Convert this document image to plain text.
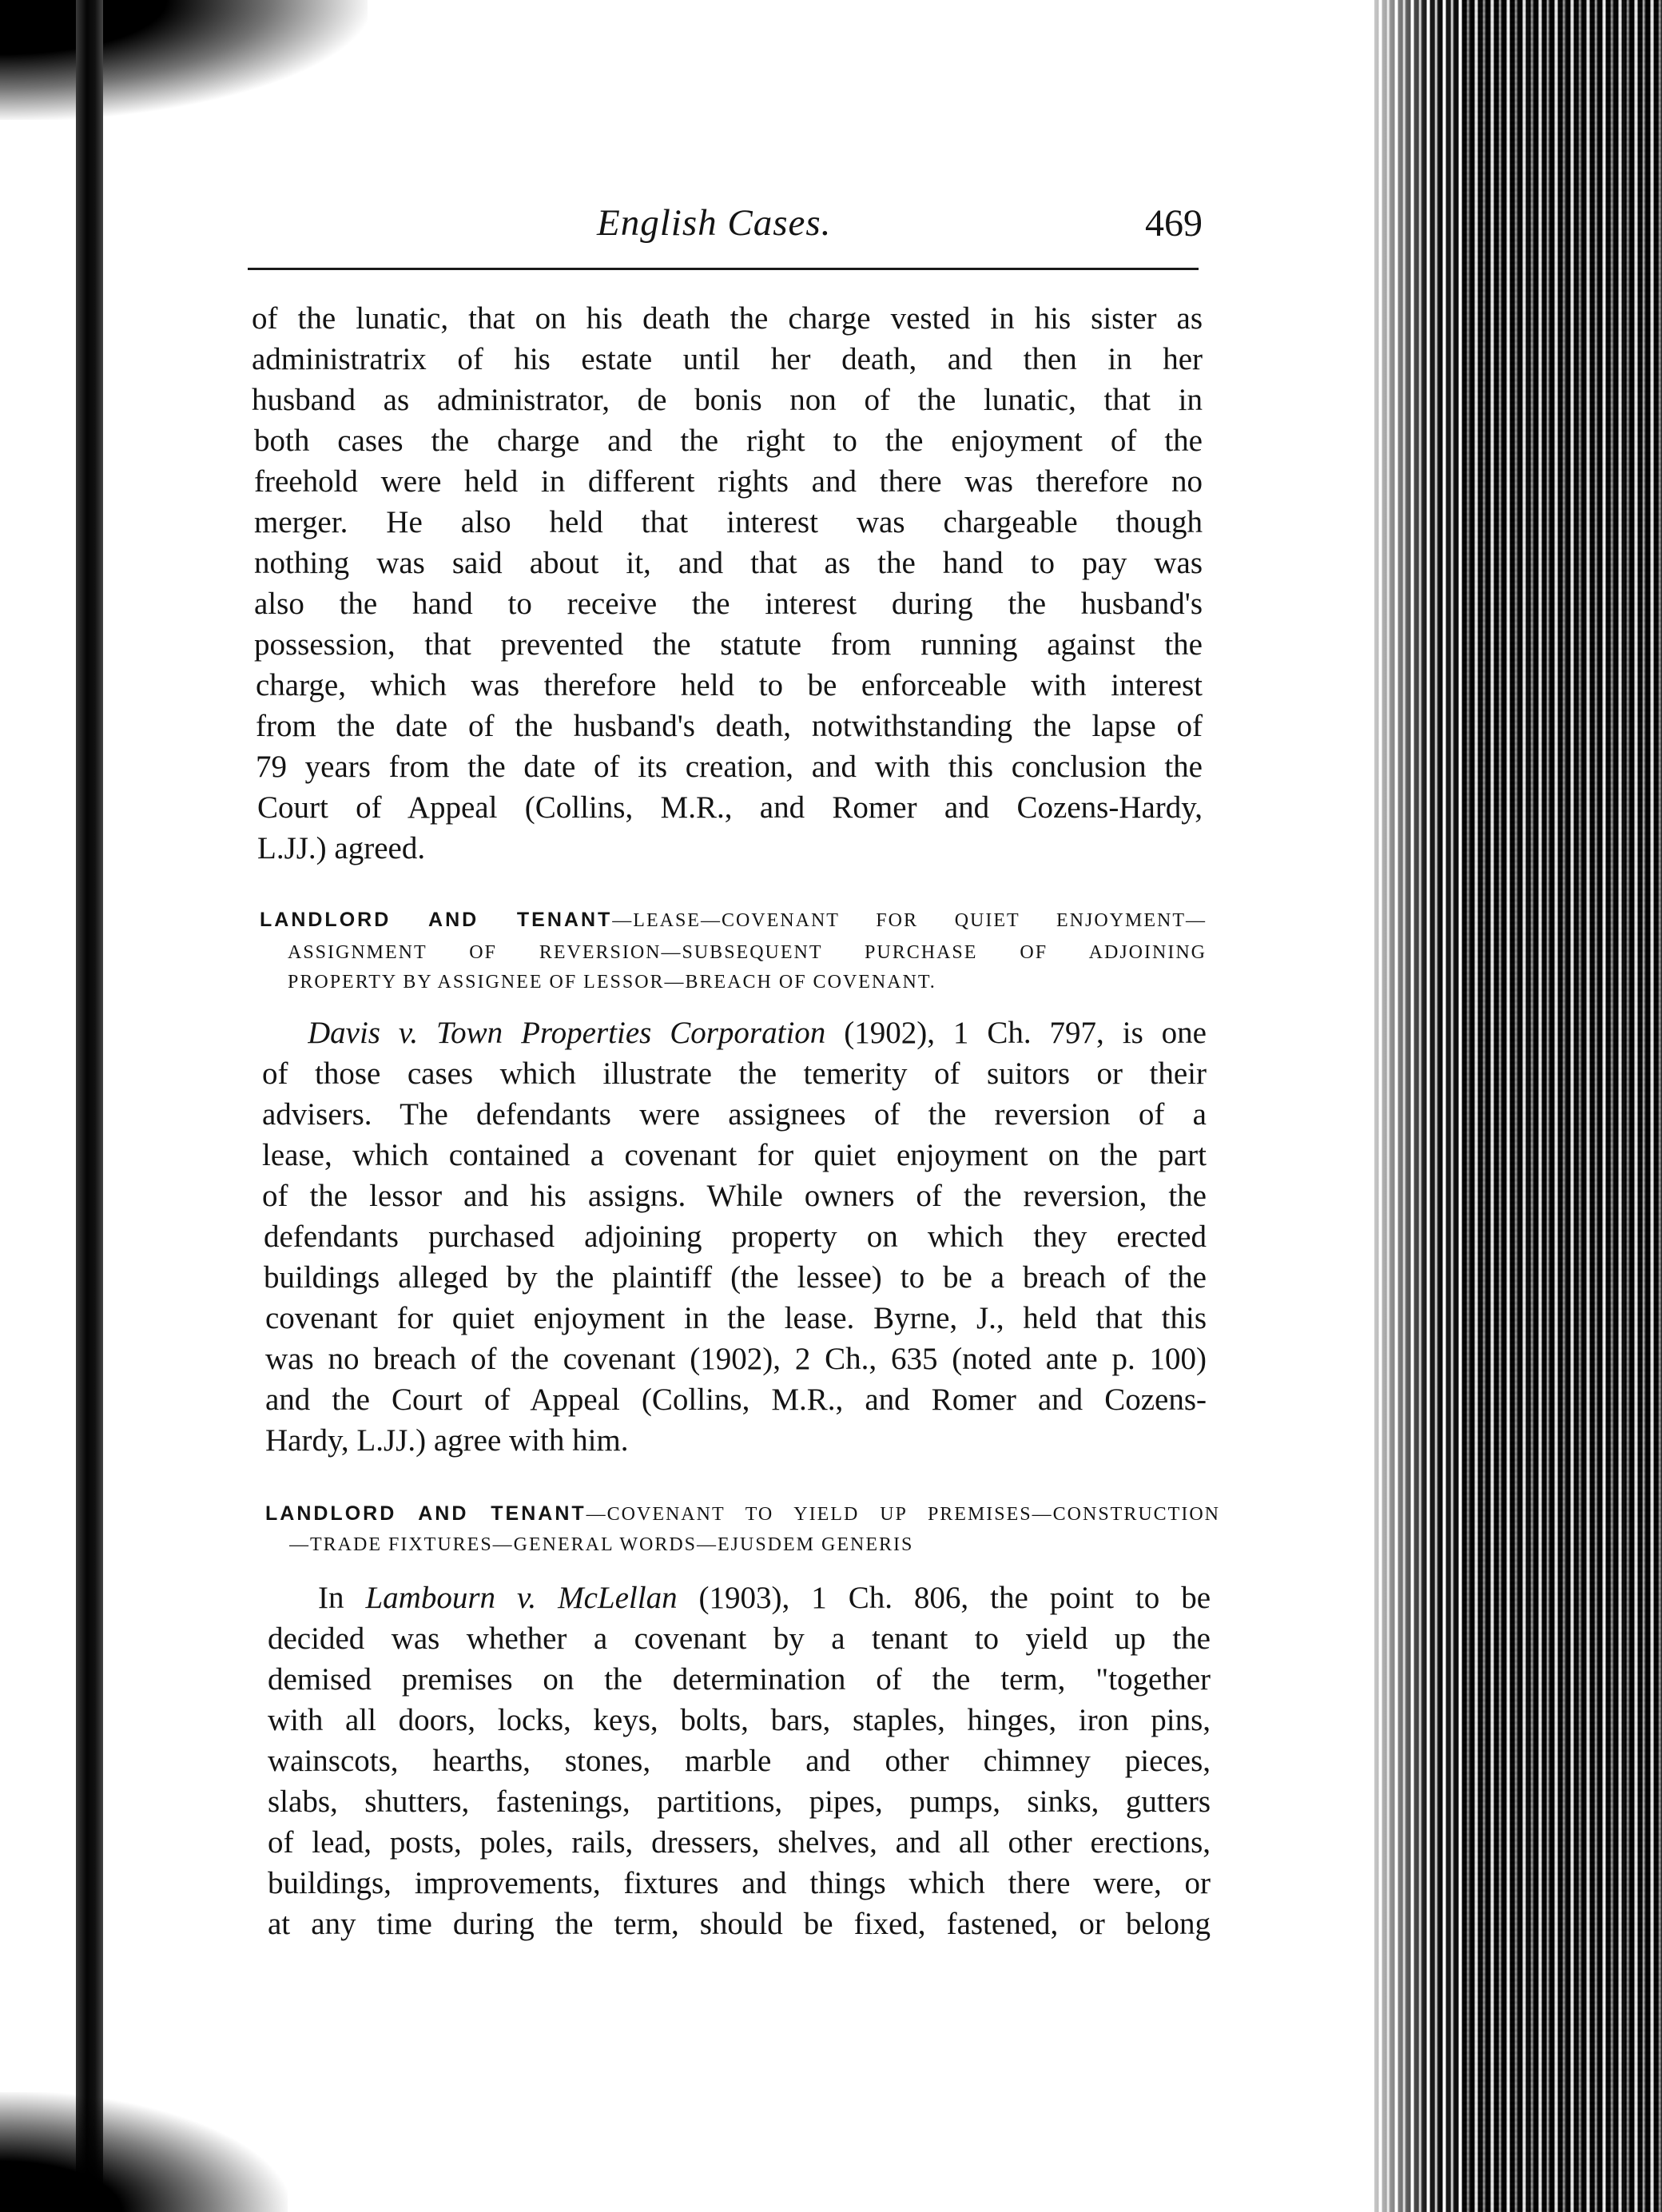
English Cases.	469
of the lunatic, that on his death the charge vested in his sister as
administratrix of his estate until her death, and then in her
husband as administrator, de bonis non of the lunatic, that in
both cases the charge and the right to the enjoyment of the
freehold were held in different rights and there was therefore no
merger. He also held that interest was chargeable though
nothing was said about it, and that as the hand to pay was
also the hand to receive the interest during the husband's
possession, that prevented the statute from running against the
charge, which was therefore held to be enforceable with interest
from the date of the husband's death, notwithstanding the lapse of
79 years from the date of its creation, and with this conclusion the
Court of Appeal (Collins, M.R., and Romer and Cozens-Hardy,
L.JJ.) agreed.
LANDLORD AND TENANT—LEASE—COVENANT FOR QUIET ENJOYMENT—
ASSIGNMENT OF REVERSION—SUBSEQUENT PURCHASE OF ADJOINING
PROPERTY BY ASSIGNEE OF LESSOR—BREACH OF COVENANT.
Davis v. Town Properties Corporation (1902), 1 Ch. 797, is one
of those cases which illustrate the temerity of suitors or their
advisers. The defendants were assignees of the reversion of a
lease, which contained a covenant for quiet enjoyment on the part
of the lessor and his assigns. While owners of the reversion, the
defendants purchased adjoining property on which they erected
buildings alleged by the plaintiff (the lessee) to be a breach of the
covenant for quiet enjoyment in the lease. Byrne, J., held that this
was no breach of the covenant (1902), 2 Ch., 635 (noted ante p. 100)
and the Court of Appeal (Collins, M.R., and Romer and Cozens-
Hardy, L.JJ.) agree with him.
LANDLORD AND TENANT—COVENANT TO YIELD UP PREMISES—CONSTRUCTION
—TRADE FIXTURES—GENERAL WORDS—EJUSDEM GENERIS
In Lambourn v. McLellan (1903), 1 Ch. 806, the point to be
decided was whether a covenant by a tenant to yield up the
demised premises on the determination of the term, "together
with all doors, locks, keys, bolts, bars, staples, hinges, iron pins,
wainscots, hearths, stones, marble and other chimney pieces,
slabs, shutters, fastenings, partitions, pipes, pumps, sinks, gutters
of lead, posts, poles, rails, dressers, shelves, and all other erections,
buildings, improvements, fixtures and things which there were, or
at any time during the term, should be fixed, fastened, or belong
